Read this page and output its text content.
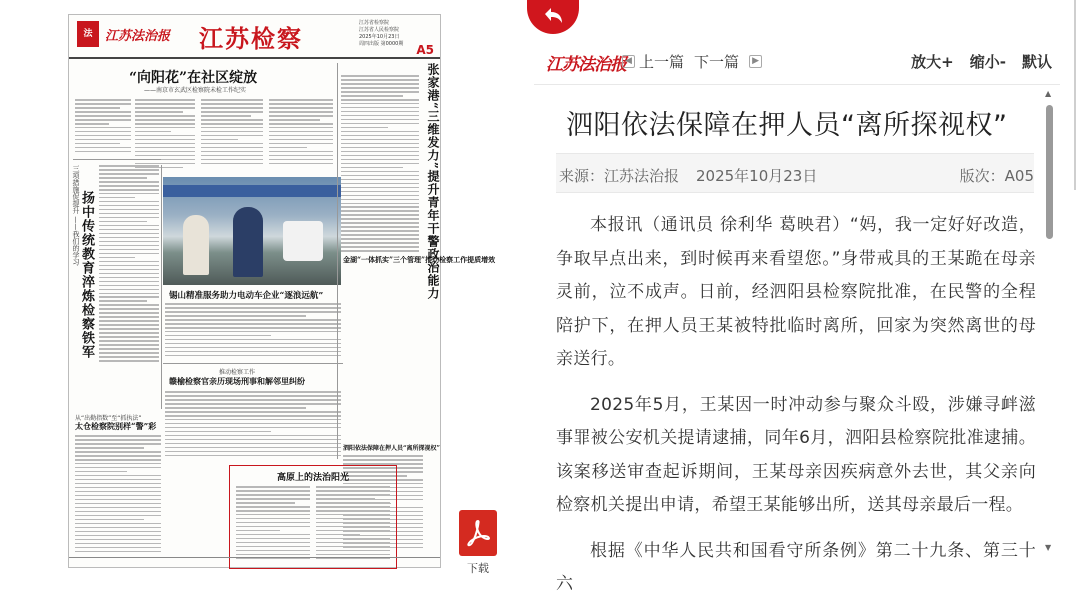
法 江苏法治报 江苏检察
江苏省检察院
江苏省人民检察院
2025年10月23日
周四出版 第0000期	A5
“向阳花”在社区绽放
——南京市玄武区检察院未检工作纪实	张家港“三维发力”提升青年干警政治能力
扬中传统教育淬炼检察铁军
三项措施促提升 ——我们的学习	金湖“一体抓实”三个管理”推动检察工作提质增效
锡山精准服务助力电动车企业“逐浪远航”
推动检察工作
赣榆检察官亲历现场刑事和解邻里纠纷
从“出勤指数”至“抓执法”
太仓检察院别样“警”彩
泗阳依法保障在押人员“离所探视权”
高原上的法治阳光
下载
江苏法治报 ◀ 上一篇 下一篇	▶	放大+ 缩小- 默认
泗阳依法保障在押人员“离所探视权”
来源：江苏法治报 2025年10月23日	版次：A05

本报讯（通讯员 徐利华 葛映君）“妈，我一定好好改造，争取早点出来，到时候再来看望您。”身带戒具的王某跪在母亲灵前，泣不成声。日前，经泗阳县检察院批准，在民警的全程陪护下，在押人员王某被特批临时离所，回家为突然离世的母亲送行。

2025年5月，王某因一时冲动参与聚众斗殴，涉嫌寻衅滋事罪被公安机关提请逮捕，同年6月，泗阳县检察院批准逮捕。该案移送审查起诉期间，王某母亲因疾病意外去世，其父亲向检察机关提出申请，希望王某能够出所，送其母亲最后一程。

根据《中华人民共和国看守所条例》第二十九条、第三十六

▲
▼
